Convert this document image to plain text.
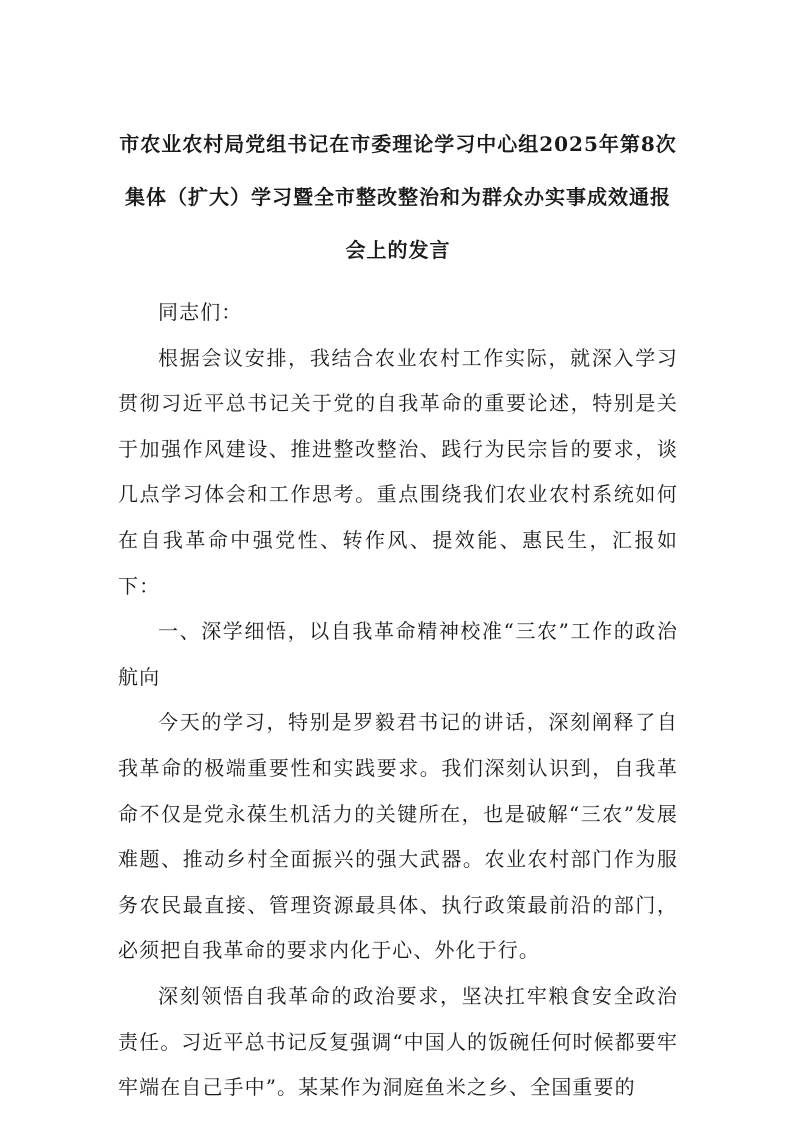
市农业农村局党组书记在市委理论学习中心组2025年第8次集体（扩大）学习暨全市整改整治和为群众办实事成效通报会上的发言

同志们：

根据会议安排，我结合农业农村工作实际，就深入学习贯彻习近平总书记关于党的自我革命的重要论述，特别是关于加强作风建设、推进整改整治、践行为民宗旨的要求，谈几点学习体会和工作思考。重点围绕我们农业农村系统如何在自我革命中强党性、转作风、提效能、惠民生，汇报如下：

一、深学细悟，以自我革命精神校准“三农”工作的政治航向

今天的学习，特别是罗毅君书记的讲话，深刻阐释了自我革命的极端重要性和实践要求。我们深刻认识到，自我革命不仅是党永葆生机活力的关键所在，也是破解“三农”发展难题、推动乡村全面振兴的强大武器。农业农村部门作为服务农民最直接、管理资源最具体、执行政策最前沿的部门，必须把自我革命的要求内化于心、外化于行。

深刻领悟自我革命的政治要求，坚决扛牢粮食安全政治责任。习近平总书记反复强调“中国人的饭碗任何时候都要牢牢端在自己手中”。某某作为洞庭鱼米之乡、全国重要的
